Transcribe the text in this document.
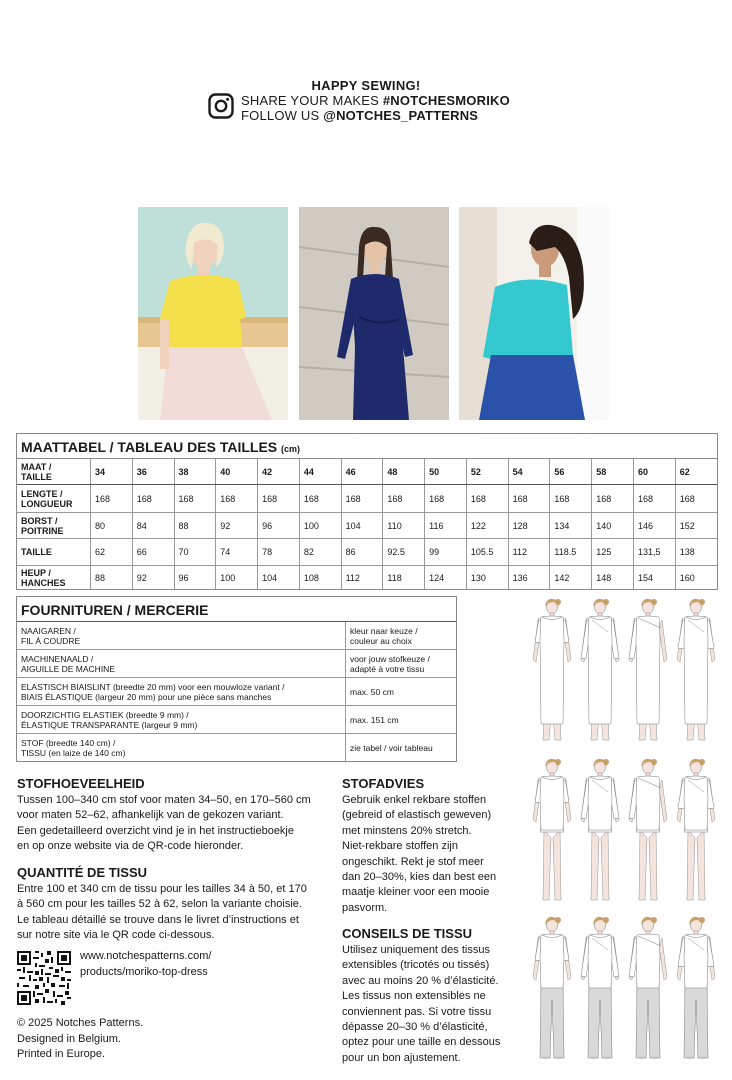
HAPPY SEWING!
SHARE YOUR MAKES #NOTCHESMORIKO
FOLLOW US @NOTCHES_PATTERNS
MAATTABEL / TABLEAU DES TAILLES (cm)
MAAT /
TAILLE	34	36	38	40	42	44	46	48	50	52	54	56	58	60	62
LENGTE /
LONGUEUR	168	168	168	168	168	168	168	168	168	168	168	168	168	168	168
BORST /
POITRINE	80	84	88	92	96	100	104	110	116	122	128	134	140	146	152
TAILLE	62	66	70	74	78	82	86	92.5	99	105.5	112	118.5	125	131,5	138
HEUP /
HANCHES	88	92	96	100	104	108	112	118	124	130	136	142	148	154	160
FOURNITUREN / MERCERIE
NAAIGAREN /
FIL À COUDRE	kleur naar keuze /
couleur au choix
MACHINENAALD /
AIGUILLE DE MACHINE	voor jouw stofkeuze /
adapté à votre tissu
ELASTISCH BIAISLINT (breedte 20 mm) voor een mouwloze variant /
BIAIS ÉLASTIQUE (largeur 20 mm) pour une pièce sans manches	max. 50 cm
DOORZICHTIG ELASTIEK (breedte 9 mm) /
ÉLASTIQUE TRANSPARANTE (largeur 9 mm)	max. 151 cm
STOF (breedte 140 cm) /
TISSU (en laize de 140 cm)	zie tabel / voir tableau
STOFHOEVEELHEID
Tussen 100–340 cm stof voor maten 34–50, en 170–560 cm
voor maten 52–62, afhankelijk van de gekozen variant.
Een gedetailleerd overzicht vind je in het instructieboekje
en op onze website via de QR-code hieronder.
QUANTITÉ DE TISSU
Entre 100 et 340 cm de tissu pour les tailles 34 à 50, et 170
à 560 cm pour les tailles 52 à 62, selon la variante choisie.
Le tableau détaillé se trouve dans le livret d’instructions et
sur notre site via le QR code ci-dessous.
www.notchespatterns.com/
products/moriko-top-dress
© 2025 Notches Patterns.
Designed in Belgium.
Printed in Europe.
STOFADVIES
Gebruik enkel rekbare stoffen
(gebreid of elastisch geweven)
met minstens 20% stretch.
Niet-rekbare stoffen zijn
ongeschikt. Rekt je stof meer
dan 20–30%, kies dan best een
maatje kleiner voor een mooie
pasvorm.
CONSEILS DE TISSU
Utilisez uniquement des tissus
extensibles (tricotés ou tissés)
avec au moins 20 % d’élasticité.
Les tissus non extensibles ne
conviennent pas. Si votre tissu
dépasse 20–30 % d’élasticité,
optez pour une taille en dessous
pour un bon ajustement.
